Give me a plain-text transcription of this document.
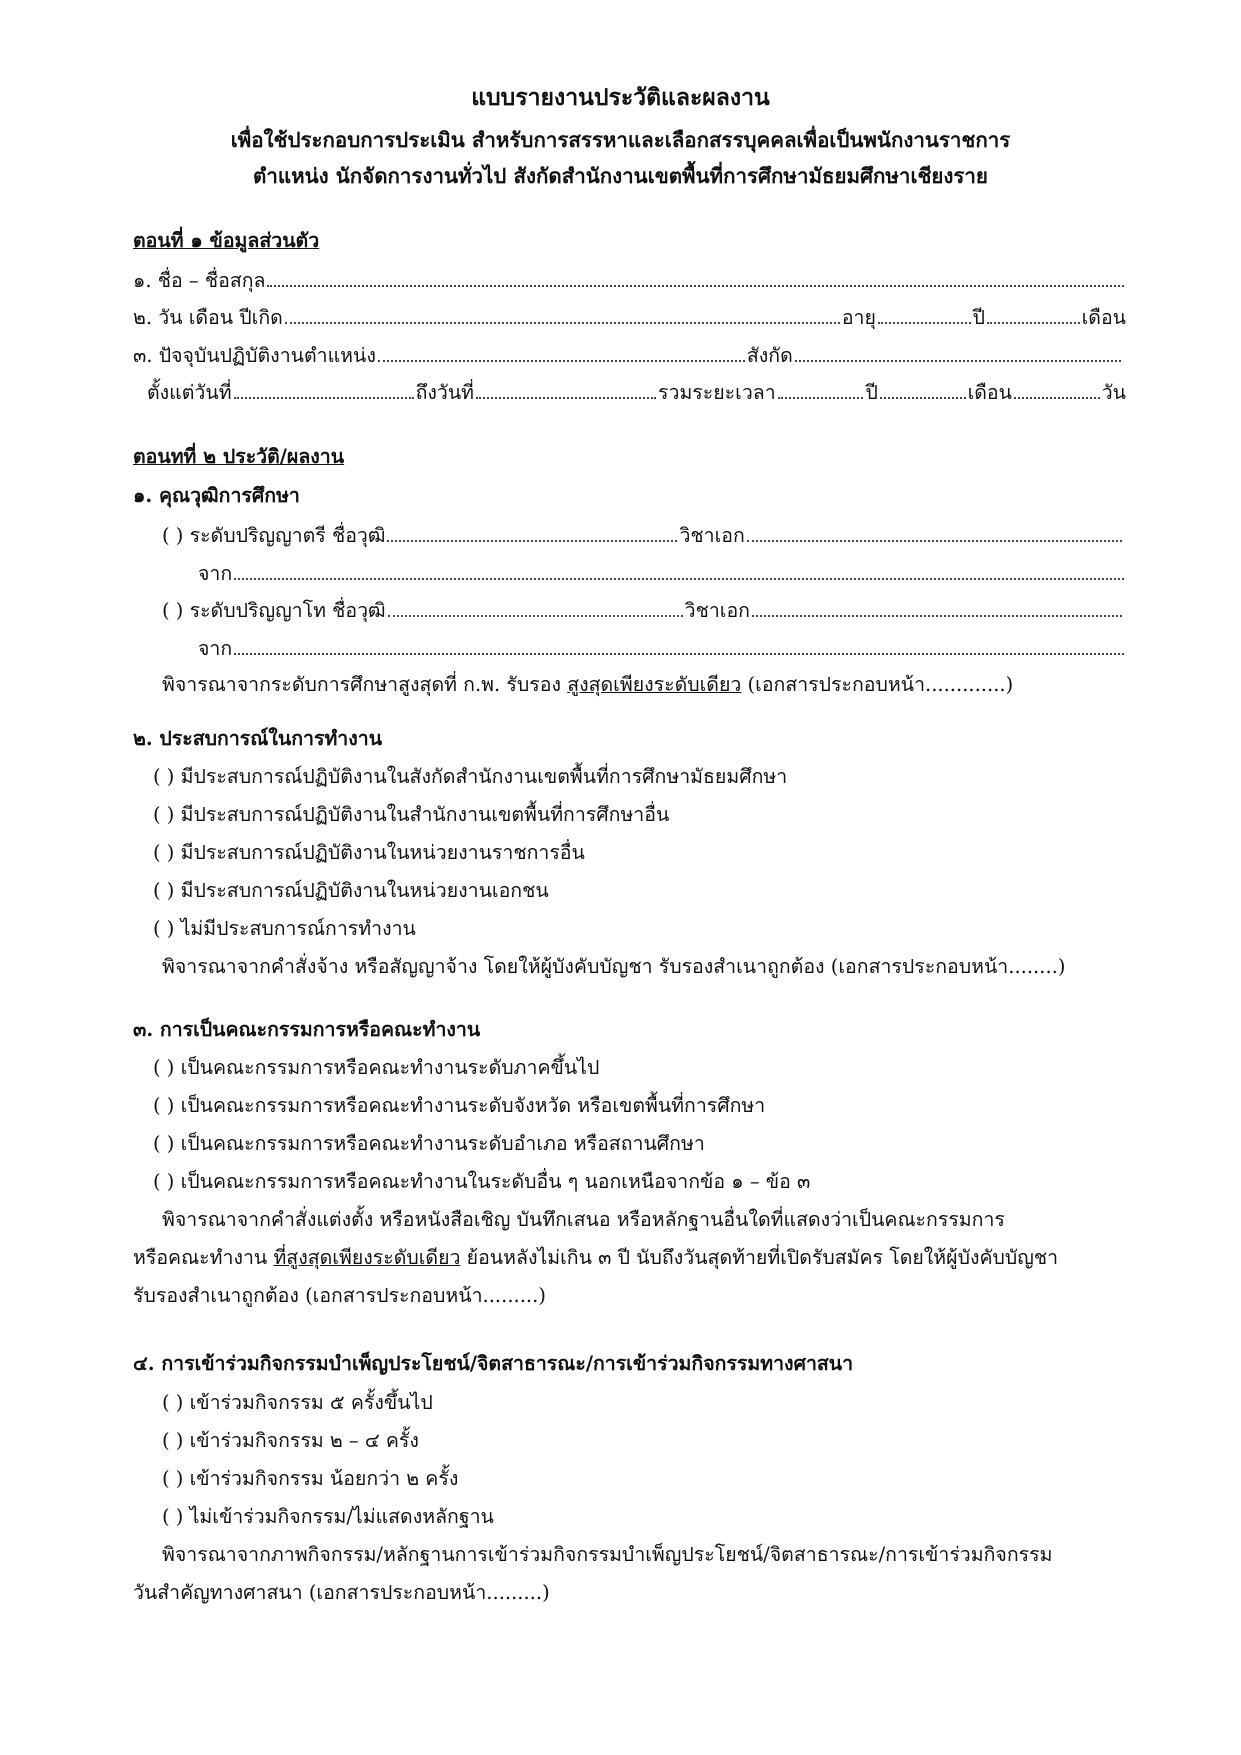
แบบรายงานประวัติและผลงาน
เพื่อใช้ประกอบการประเมิน สำหรับการสรรหาและเลือกสรรบุคคลเพื่อเป็นพนักงานราชการ
ตำแหน่ง นักจัดการงานทั่วไป สังกัดสำนักงานเขตพื้นที่การศึกษามัธยมศึกษาเชียงราย
ตอนที่ ๑ ข้อมูลส่วนตัว
๑. ชื่อ – ชื่อสกุล
๒. วัน เดือน ปีเกิด	อายุ	ปี	เดือน
๓. ปัจจุบันปฏิบัติงานตำแหน่ง	สังกัด
ตั้งแต่วันที่	ถึงวันที่	รวมระยะเวลา	ปี	เดือน	วัน
ตอนทที่ ๒ ประวัติ/ผลงาน
๑. คุณวุฒิการศึกษา
( ) ระดับปริญญาตรี ชื่อวุฒิ	วิชาเอก
จาก
( ) ระดับปริญญาโท ชื่อวุฒิ	วิชาเอก
จาก
พิจารณาจากระดับการศึกษาสูงสุดที่ ก.พ. รับรอง สูงสุดเพียงระดับเดียว (เอกสารประกอบหน้า.............)
๒. ประสบการณ์ในการทำงาน
( ) มีประสบการณ์ปฏิบัติงานในสังกัดสำนักงานเขตพื้นที่การศึกษามัธยมศึกษา
( ) มีประสบการณ์ปฏิบัติงานในสำนักงานเขตพื้นที่การศึกษาอื่น
( ) มีประสบการณ์ปฏิบัติงานในหน่วยงานราชการอื่น
( ) มีประสบการณ์ปฏิบัติงานในหน่วยงานเอกชน
( ) ไม่มีประสบการณ์การทำงาน
พิจารณาจากคำสั่งจ้าง หรือสัญญาจ้าง โดยให้ผู้บังคับบัญชา รับรองสำเนาถูกต้อง (เอกสารประกอบหน้า........)
๓. การเป็นคณะกรรมการหรือคณะทำงาน
( ) เป็นคณะกรรมการหรือคณะทำงานระดับภาคขึ้นไป
( ) เป็นคณะกรรมการหรือคณะทำงานระดับจังหวัด หรือเขตพื้นที่การศึกษา
( ) เป็นคณะกรรมการหรือคณะทำงานระดับอำเภอ หรือสถานศึกษา
( ) เป็นคณะกรรมการหรือคณะทำงานในระดับอื่น ๆ นอกเหนือจากข้อ ๑ – ข้อ ๓
พิจารณาจากคำสั่งแต่งตั้ง หรือหนังสือเชิญ บันทึกเสนอ หรือหลักฐานอื่นใดที่แสดงว่าเป็นคณะกรรมการ
หรือคณะทำงาน ที่สูงสุดเพียงระดับเดียว ย้อนหลังไม่เกิน ๓ ปี นับถึงวันสุดท้ายที่เปิดรับสมัคร โดยให้ผู้บังคับบัญชา
รับรองสำเนาถูกต้อง (เอกสารประกอบหน้า.........)
๔. การเข้าร่วมกิจกรรมบำเพ็ญประโยชน์/จิตสาธารณะ/การเข้าร่วมกิจกรรมทางศาสนา
( ) เข้าร่วมกิจกรรม ๕ ครั้งขึ้นไป
( ) เข้าร่วมกิจกรรม ๒ – ๔ ครั้ง
( ) เข้าร่วมกิจกรรม น้อยกว่า ๒ ครั้ง
( ) ไม่เข้าร่วมกิจกรรม/ไม่แสดงหลักฐาน
พิจารณาจากภาพกิจกรรม/หลักฐานการเข้าร่วมกิจกรรมบำเพ็ญประโยชน์/จิตสาธารณะ/การเข้าร่วมกิจกรรม
วันสำคัญทางศาสนา (เอกสารประกอบหน้า.........)
